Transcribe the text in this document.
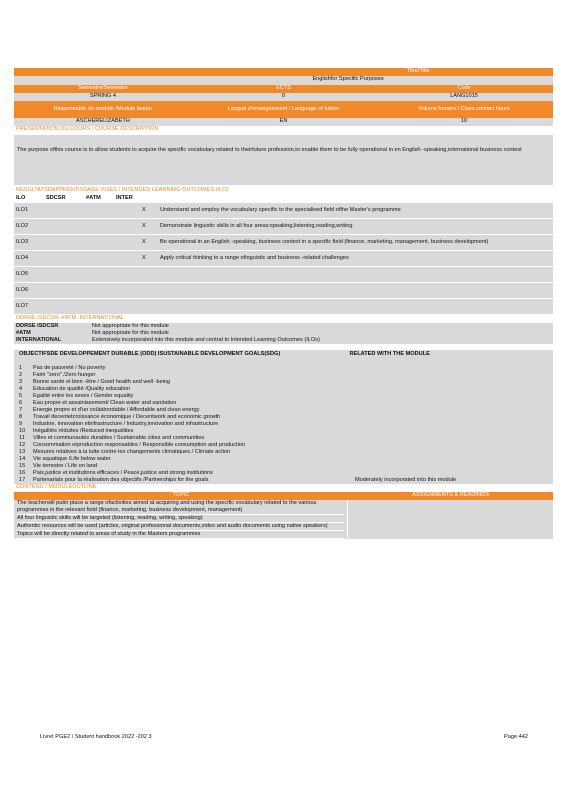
Titre/Title
Englishfor Specific Purposes
Semestre/Semester	ECTS	Code
SPRING 4	0	LANG1015
Responsable de module /Module leader	Langue d'enseignement / Language of tuition	Volume horaire / Class contact hours
ASCHERELIZABETH	EN	10
PRESENTATION DU COURS / COURSE DESCRIPTION
The purpose ofthis course is to allow students to acquire the specific vocabulary related to theirfuture profession,to enable them to be fully operational in en English -speaking,international business context
RESULTATSDAPPRENTISSAGE VISES / INTENDED LEARNING OUTCOMES (ILO)
ILO	SDCSR	#ATM	INTER
ILO1		X	Understand and employ the vocabulary specific to the specialised field ofthe Master's programme
ILO2		X	Demonstrate linguistic skills in all four areas:speaking,listening,reading,writing
ILO3		X	Be operational in an English -speaking, business context in a specific field (finance, marketing, management, business development)
ILO4		X	Apply critical thinking to a range ofinguistic and business -related challenges
ILO5			
ILO6			
ILO7			
DDRSE ISDCSR -#ATM -INTERNATIONAL
DDRSE ISDCSR	Not appropriate for this module
#ATM	Not appropriate for this module
INTERNATIONAL	Extensively incorporated into this module and central to Intended Learning Outcomes (ILOs)
OBJECTIFSDE DEVELOPPEMENT DURABLE (ODD) ISUSTAINABLE DEVELOPMENT GOALS(SDG)	RELATED WITH THE MODULE
1	Pas de pauvreté / No poverty	
2	Faim "zero" /Zero hunger	
3	Bonne santé et bien -être / Good health and well -being	
4	Education de qualité /Quality education	
5	Egalité entre les sexes / Gender equality	
6	Eau propre et assainissement/ Clean water and sanitation	
7	Energie propre et d'un coûtabordable / Affordable and clean energy	
8	Travail decentetcroissance économique / Decentwork and economic growth	
9	Industrie, innovation etinfrastructure / Industry,innovation and infrastructure	
10	Inégalités réduites /Reduced inequalities	
11	Villes et communautés durables / Sustainable cities and communities	
12	Consommation etproduction responsables / Responsible consumption and production	
13	Mesures relatives à la lutte contre les changements climatiques / Climate action	
14	Vie aquatique /Life below water	
15	Vie terrestre / Life on land	
16	Paix,justice et institutions efficaces / Peace,justice and strong institutions	
17	Partenariats pour la réalisation des objectifs /Partnerships for the goals	Moderately incorporated into this module
CONTENU / MODULEOUTLINE
TOPIC	ASSIGNMENTS & READINGS
The teacherwill putin place a range ofactivities aimed at acquiring and using the specific vocabulary related to the various programmes in the relevant field (finance, marketing, business development, management)
All four linguistic skills will be targeted (listening, reading, writing, speaking)
Authentic resources will be used (articles, original professional documents,video and audio documents using native speakers)
Topics will be directly related to areas of study in the Masters programmes
Livret PGE2 / Student handbook 2022 -202 3	Page 442
